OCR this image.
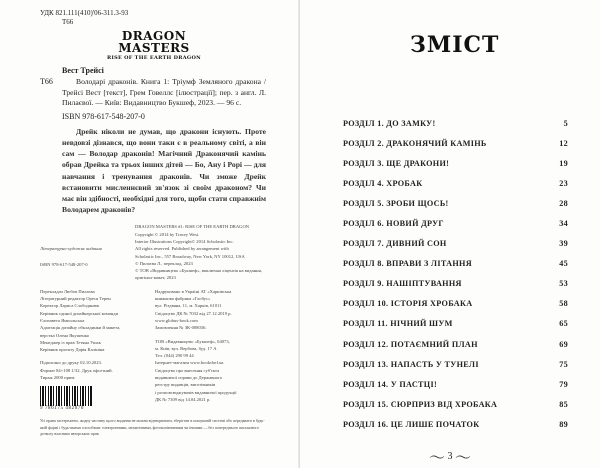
УДК 821.111(410)'06-311.3-93
Т66
DRAGON
MASTERS
RISE OF THE EARTH DRAGON
Вест Трейсі
Т66	Володарі драконів. Книга 1: Тріумф Земляного дракона / Трейсі Вест [текст], Грем Говеллс [ілюстрації]; пер. з англ. Л. Пилаєвої. — Київ: Видавництво Букшеф, 2023. — 96 с.
ISBN 978-617-548-207-0
Дрейк ніколи не думав, що дракони існують. Проте невдовзі дізнався, що вони таки є в реальному світі, а він сам — Володар драконів! Магічний Драконячий камінь обрав Дрейка та трьох інших дітей — Бо, Ану і Рорі — для навчання і тренування драконів. Чи зможе Дрейк встановити мисленнєвий зв'язок зі своїм драконом? Чи має він здібності, необхідні для того, щоби стати справжнім Володарем драконів?
Літературно-художнє видання
ISBN 978-617-548-207-0
DRAGON MASTERS #1: RISE OF THE EARTH DRAGON
Copyright © 2014 by Tracey West.
Interior Illustrations Copyright© 2014 Scholastic Inc.
All rights reserved. Published by arrangement with
Scholastic Inc., 557 Broadway, New York, NY 10012, USA
© Пилаєва Л., переклад, 2023
© ТОВ «Видавництво «Букшеф», виключна ліцензія на видання, оригінал-макет, 2023
Перекладач Любов Пилаєва
Літературний редактор Ореся Терен
Коректор Лариса Слободянюк
Керівник єдиної дизайнерської команди
Єлизавета Ямпольська
Адаптація дизайну обкладинки й макета,
верстка Олена Якушенко
Менеджер із прав Тетяна Ушак
Керівник проєкту Дарія Калініна
Підписано до друку 02.10.2023.
Формат 84×108 1/32. Друк офсетний.
Тираж 2000 прим.
9 786175 482070
Надруковано в Україні АТ «Харківська
книжкова фабрика «Глобус»
вул. Різдвяна, 11, м. Харків, 61011
Свідоцтво ДК № 7032 від 27.12.2019 р.
www.globus-book.com
Замовлення № ЗК-008036.
ТОВ «Видавництво «Букшеф», 04073,
м. Київ, вул. Вербова, буд. 17 А
Тел. (044) 290 99 44
Інтернет-магазин www.bookchef.ua
Свідоцтво про внесення суб'єкта
видавничої справи до Державного
реєстру видавців, виготівників
і розповсюджувачів видавничої продукції
ДК № 7309 від 14.04.2021 р.
Усі права застережено, жодну частину цього видання не можна відтворювати, зберігати в пошуковій системі або передавати в будь-якій формі і будь-якими способами: електронними, механічними, фотокопіюванням чи іншими — без попереднього письмового дозволу власника авторських прав.
ЗМІСТ
РОЗДІЛ 1. ДО ЗАМКУ!	5
РОЗДІЛ 2. ДРАКОНЯЧИЙ КАМІНЬ	12
РОЗДІЛ 3. ЩЕ ДРАКОНИ!	19
РОЗДІЛ 4. ХРОБАК	23
РОЗДІЛ 5. ЗРОБИ ЩОСЬ!	28
РОЗДІЛ 6. НОВИЙ ДРУГ	34
РОЗДІЛ 7. ДИВНИЙ СОН	39
РОЗДІЛ 8. ВПРАВИ З ЛІТАННЯ	45
РОЗДІЛ 9. НАШІПТУВАННЯ	53
РОЗДІЛ 10. ІСТОРІЯ ХРОБАКА	58
РОЗДІЛ 11. НІЧНИЙ ШУМ	65
РОЗДІЛ 12. ПОТАЄМНИЙ ПЛАН	69
РОЗДІЛ 13. НАПАСТЬ У ТУНЕЛІ	75
РОЗДІЛ 14. У ПАСТЦІ!	79
РОЗДІЛ 15. СЮРПРИЗ ВІД ХРОБАКА	85
РОЗДІЛ 16. ЦЕ ЛИШЕ ПОЧАТОК	89
〜 3 〜
